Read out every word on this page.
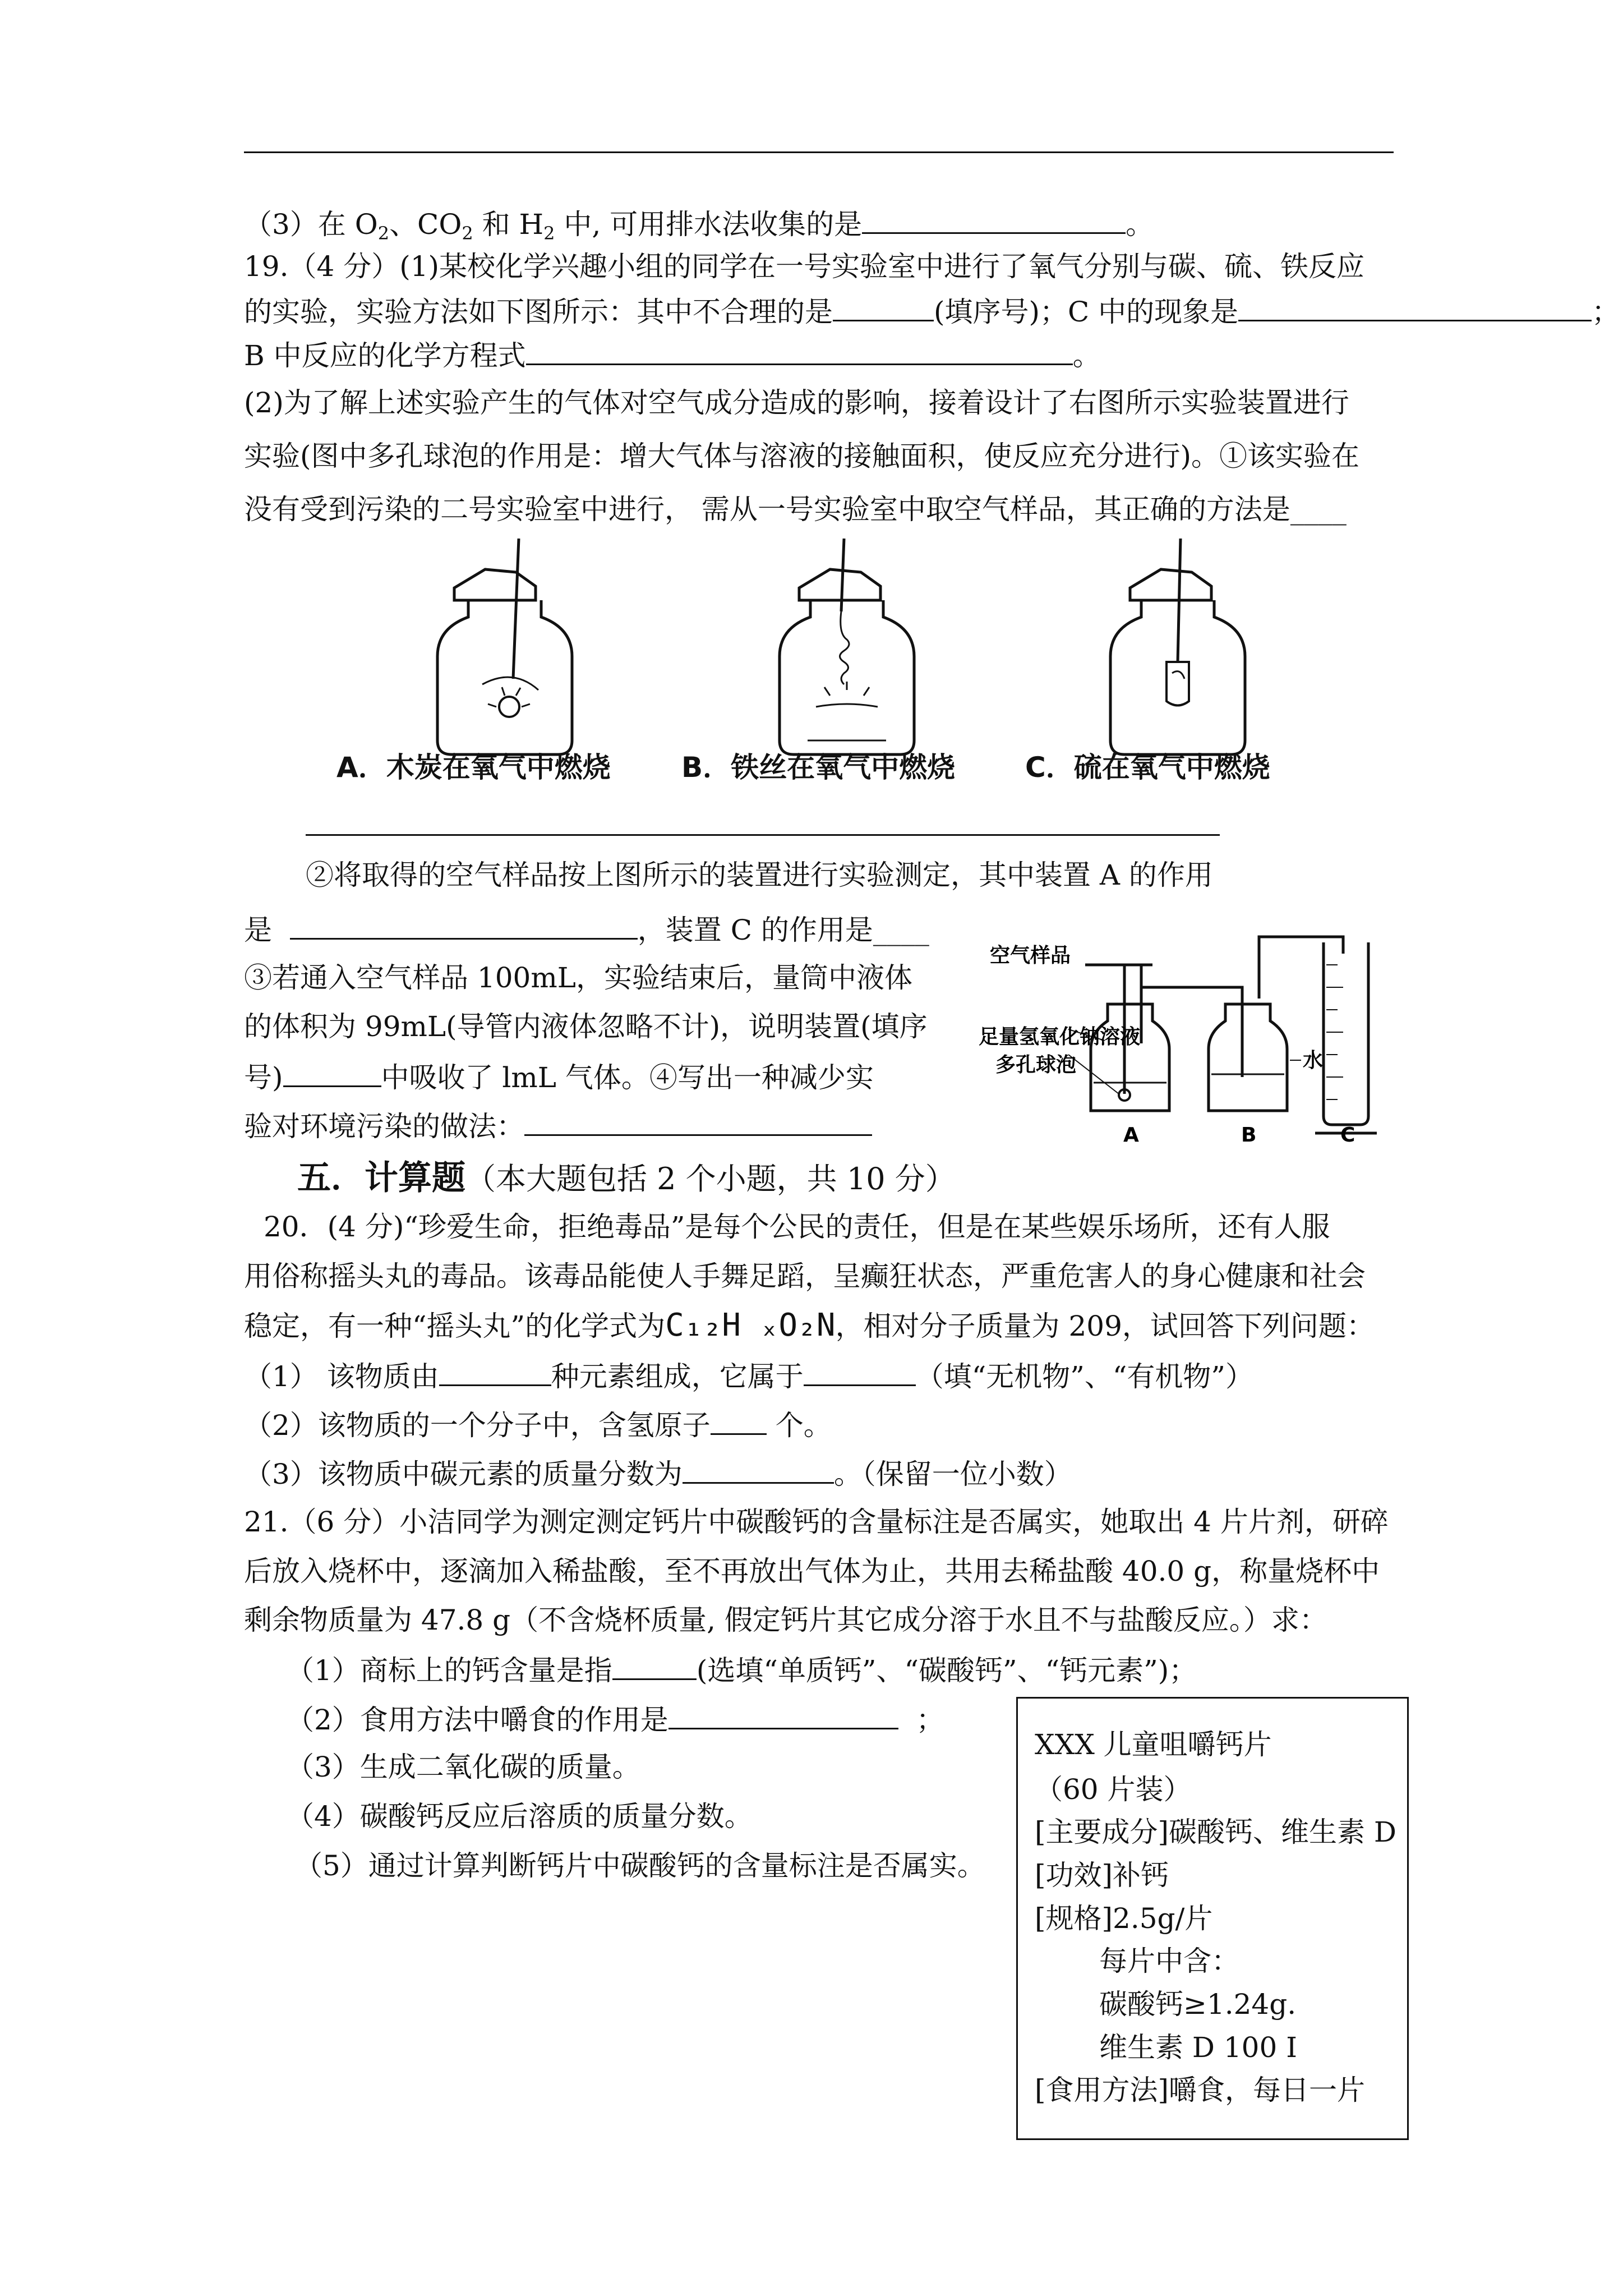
（3）在 $O_2$、$CO_2$ 和 $H_2$ 中, 可用排水法收集的是	。
19.（4 分）(1)某校化学兴趣小组的同学在一号实验室中进行了氧气分别与碳、硫、铁反应
的实验，实验方法如下图所示：其中不合理的是	(填序号)；C 中的现象是	；
B 中反应的化学方程式	。
(2)为了解上述实验产生的气体对空气成分造成的影响，接着设计了右图所示实验装置进行
实验(图中多孔球泡的作用是：增大气体与溶液的接触面积，使反应充分进行)。①该实验在
没有受到污染的二号实验室中进行， 需从一号实验室中取空气样品，其正确的方法是____
A．木炭在氧气中燃烧	B．铁丝在氧气中燃烧 C．硫在氧气中燃烧
②将取得的空气样品按上图所示的装置进行实验测定，其中装置 A 的作用
是	，装置 C 的作用是____
③若通入空气样品 100mL，实验结束后，量筒中液体
的体积为 99mL(导管内液体忽略不计)，说明装置(填序
号)	中吸收了 lmL 气体。④写出一种减少实
验对环境污染的做法：
空气样品
足量氢氧化钠溶液
多孔球泡	水
A	B	C
五．计算题（本大题包括 2 个小题，共 10 分）
20．(4 分)“珍爱生命，拒绝毒品”是每个公民的责任，但是在某些娱乐场所，还有人服
用俗称摇头丸的毒品。该毒品能使人手舞足蹈，呈癫狂状态，严重危害人的身心健康和社会
稳定，有一种“摇头丸”的化学式为C₁₂H ₓO₂N，相对分子质量为 209，试回答下列问题：
（1） 该物质由	种元素组成，它属于	（填“无机物”、“有机物”）
（2）该物质的一个分子中，含氢原子 个。
（3）该物质中碳元素的质量分数为	。（保留一位小数）
21.（6 分）小洁同学为测定测定钙片中碳酸钙的含量标注是否属实，她取出 4 片片剂，研碎
后放入烧杯中，逐滴加入稀盐酸，至不再放出气体为止，共用去稀盐酸 40.0 g，称量烧杯中
剩余物质量为 47.8 g（不含烧杯质量, 假定钙片其它成分溶于水且不与盐酸反应。）求：
（1）商标上的钙含量是指	(选填“单质钙”、“碳酸钙”、“钙元素”)；
（2）食用方法中嚼食的作用是	；
（3）生成二氧化碳的质量。
（4）碳酸钙反应后溶质的质量分数。
（5）通过计算判断钙片中碳酸钙的含量标注是否属实。
XXX 儿童咀嚼钙片
（60 片装）
[主要成分]碳酸钙、维生素 D
[功效]补钙
[规格]2.5g/片
每片中含：
碳酸钙≥1.24g.
维生素 D 100 I
[食用方法]嚼食，每日一片
